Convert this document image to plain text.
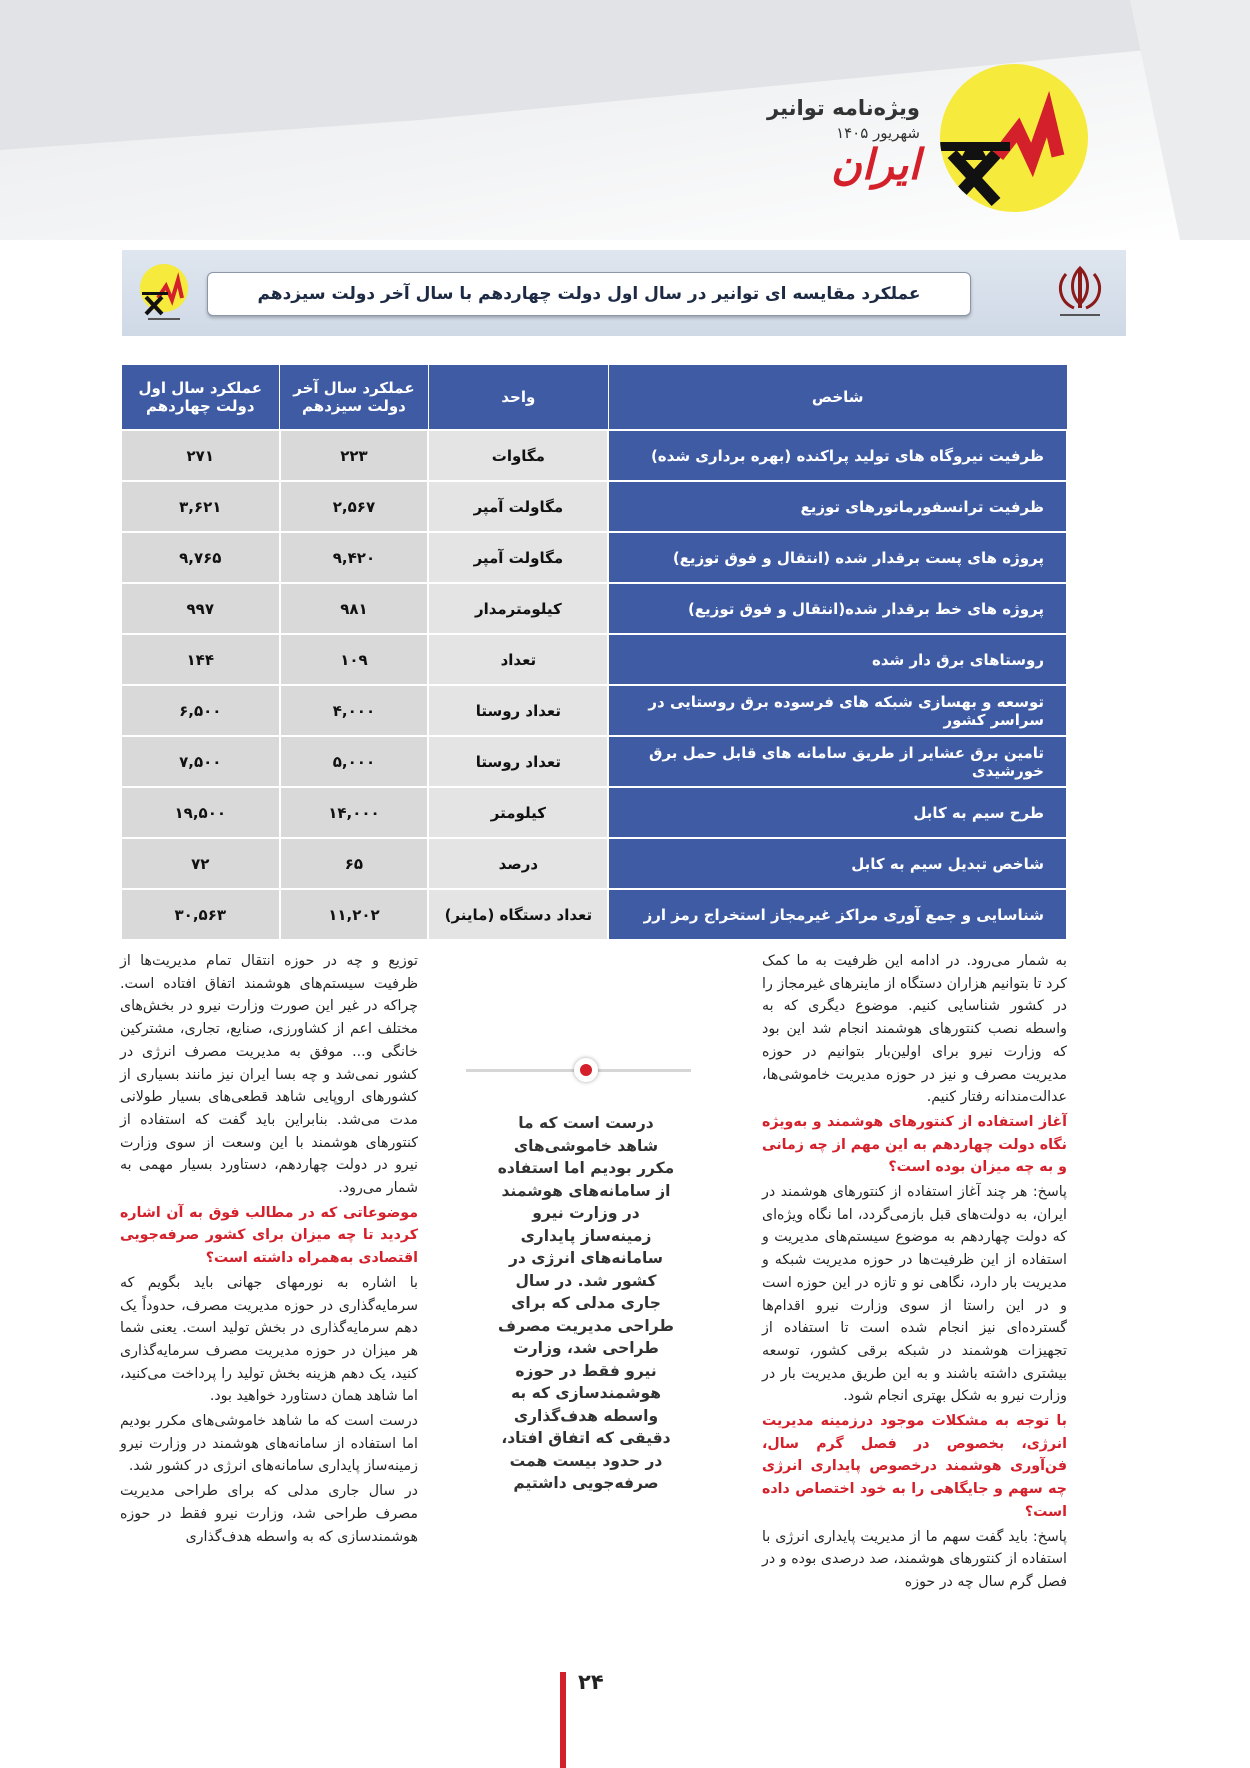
ویژه‌نامه توانیر
شهریور ۱۴۰۵
ایران
عملکرد مقایسه ای توانیر در سال اول دولت چهاردهم با سال آخر دولت سیزدهم
شاخص	واحد	عملکرد سال آخر دولت سیزدهم	عملکرد سال اول دولت چهاردهم
ظرفیت نیروگاه های تولید پراکنده (بهره برداری شده)	مگاوات	۲۲۳	۲۷۱
ظرفیت ترانسفورماتورهای توزیع	مگاولت آمپر	۲,۵۶۷	۳,۶۲۱
پروژه های پست برقدار شده (انتقال و فوق توزیع)	مگاولت آمپر	۹,۴۲۰	۹,۷۶۵
پروژه های خط برقدار شده(انتقال و فوق توزیع)	کیلومترمدار	۹۸۱	۹۹۷
روستاهای برق دار شده	تعداد	۱۰۹	۱۴۴
توسعه و بهسازی شبکه های فرسوده برق روستایی در سراسر کشور	تعداد روستا	۴,۰۰۰	۶,۵۰۰
تامین برق عشایر از طریق سامانه های قابل حمل برق خورشیدی	تعداد روستا	۵,۰۰۰	۷,۵۰۰
طرح سیم به کابل	کیلومتر	۱۴,۰۰۰	۱۹,۵۰۰
شاخص تبدیل سیم به کابل	درصد	۶۵	۷۲
شناسایی و جمع آوری مراکز غیرمجاز استخراج رمز ارز	تعداد دستگاه (ماینر)	۱۱,۲۰۲	۳۰,۵۶۳

به شمار می‌رود. در ادامه این ظرفیت به ما کمک کرد تا بتوانیم هزاران دستگاه از ماینرهای غیرمجاز را در کشور شناسایی کنیم. موضوع دیگری که به واسطه نصب کنتورهای هوشمند انجام شد این بود که وزارت نیرو برای اولین‌بار بتوانیم در حوزه مدیریت مصرف و نیز در حوزه مدیریت خاموشی‌ها، عدالت‌مندانه رفتار کنیم.

آغاز استفاده از کنتورهای هوشمند و به‌ویژه نگاه دولت چهاردهم به این مهم از چه زمانی و به چه میزان بوده است؟

پاسخ: هر چند آغاز استفاده از کنتورهای هوشمند در ایران، به دولت‌های قبل بازمی‌گردد، اما نگاه ویژه‌ای که دولت چهاردهم به موضوع سیستم‌های مدیریت و استفاده از این ظرفیت‌ها در حوزه مدیریت شبکه و مدیریت بار دارد، نگاهی نو و تازه در این حوزه است و در این راستا از سوی وزارت نیرو اقدام‌ها گسترده‌ای نیز انجام شده است تا استفاده از تجهیزات هوشمند در شبکه برقی کشور، توسعه بیشتری داشته باشند و به این طریق مدیریت بار در وزارت نیرو به شکل بهتری انجام شود.

با توجه به مشکلات موجود درزمینه مدیریت انرژی، بخصوص در فصل گرم سال، فن‌آوری هوشمند درخصوص پایداری انرژی چه سهم و جایگاهی را به خود اختصاص داده است؟

پاسخ: باید گفت سهم ما از مدیریت پایداری انرژی با استفاده از کنتورهای هوشمند، صد درصدی بوده و در فصل گرم سال چه در حوزه

درست است که ما شاهد خاموشی‌های مکرر بودیم اما استفاده از سامانه‌های هوشمند در وزارت نیرو زمینه‌ساز پایداری سامانه‌های انرژی در کشور شد. در سال جاری مدلی که برای طراحی مدیریت مصرف طراحی شد، وزارت نیرو فقط در حوزه هوشمندسازی که به واسطه هدف‌گذاری دقیقی که اتفاق افتاد، در حدود بیست همت صرفه‌جویی داشتیم

توزیع و چه در حوزه انتقال تمام مدیریت‌ها از ظرفیت سیستم‌های هوشمند اتفاق افتاده است. چراکه در غیر این صورت وزارت نیرو در بخش‌های مختلف اعم از کشاورزی، صنایع، تجاری، مشترکین خانگی و... موفق به مدیریت مصرف انرژی در کشور نمی‌شد و چه بسا ایران نیز مانند بسیاری از کشورهای اروپایی شاهد قطعی‌های بسیار طولانی مدت می‌شد. بنابراین باید گفت که استفاده از کنتورهای هوشمند با این وسعت از سوی وزارت نیرو در دولت چهاردهم، دستاورد بسیار مهمی به شمار می‌رود.

موضوعاتی که در مطالب فوق به آن اشاره کردید تا چه میزان برای کشور صرفه‌جویی اقتصادی به‌همراه داشته است؟

با اشاره به نورمهای جهانی باید بگویم که سرمایه‌گذاری در حوزه مدیریت مصرف، حدوداً یک دهم سرمایه‌گذاری در بخش تولید است. یعنی شما هر میزان در حوزه مدیریت مصرف سرمایه‌گذاری کنید، یک دهم هزینه بخش تولید را پرداخت می‌کنید، اما شاهد همان دستاورد خواهید بود.

درست است که ما شاهد خاموشی‌های مکرر بودیم اما استفاده از سامانه‌های هوشمند در وزارت نیرو زمینه‌ساز پایداری سامانه‌های انرژی در کشور شد.

در سال جاری مدلی که برای طراحی مدیریت مصرف طراحی شد، وزارت نیرو فقط در حوزه هوشمندسازی که به واسطه هدف‌گذاری

۲۴
